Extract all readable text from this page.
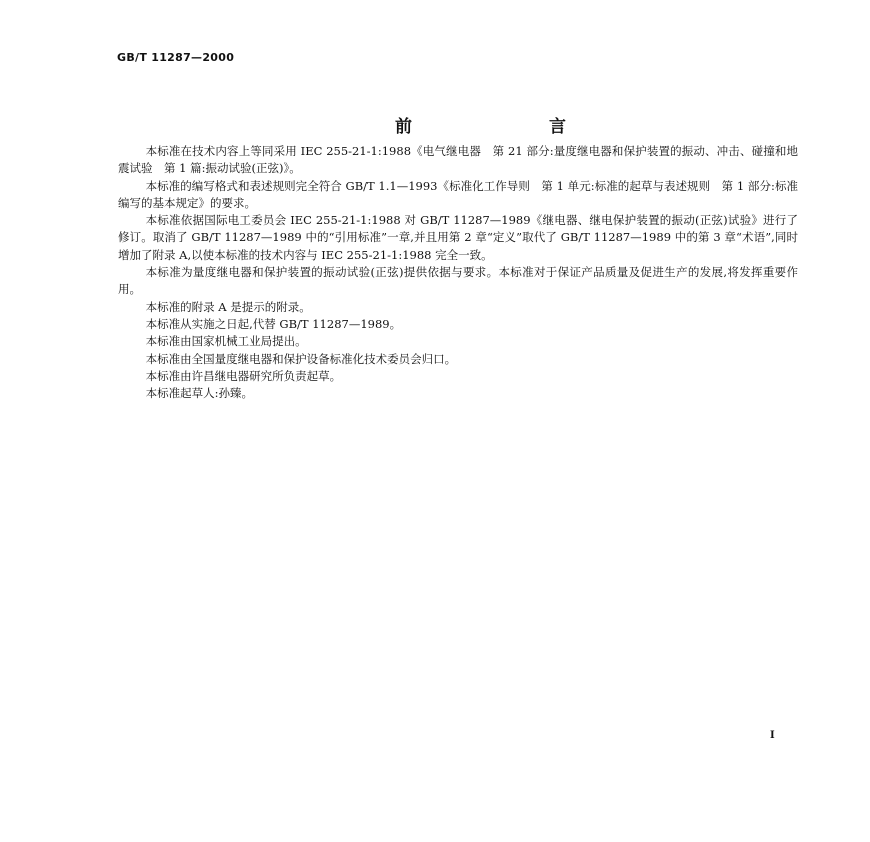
GB/T 11287—2000
前　言

本标准在技术内容上等同采用 IEC 255-21-1:1988《电气继电器　第 21 部分:量度继电器和保护装置的振动、冲击、碰撞和地震试验　第 1 篇:振动试验(正弦)》。

本标准的编写格式和表述规则完全符合 GB/T 1.1—1993《标准化工作导则　第 1 单元:标准的起草与表述规则　第 1 部分:标准编写的基本规定》的要求。

本标准依据国际电工委员会 IEC 255-21-1:1988 对 GB/T 11287—1989《继电器、继电保护装置的振动(正弦)试验》进行了修订。取消了 GB/T 11287—1989 中的“引用标准”一章,并且用第 2 章“定义”取代了 GB/T 11287—1989 中的第 3 章“术语”,同时增加了附录 A,以使本标准的技术内容与 IEC 255-21-1:1988 完全一致。

本标准为量度继电器和保护装置的振动试验(正弦)提供依据与要求。本标准对于保证产品质量及促进生产的发展,将发挥重要作用。

本标准的附录 A 是提示的附录。

本标准从实施之日起,代替 GB/T 11287—1989。

本标准由国家机械工业局提出。

本标准由全国量度继电器和保护设备标准化技术委员会归口。

本标准由许昌继电器研究所负责起草。

本标准起草人:孙臻。

I
